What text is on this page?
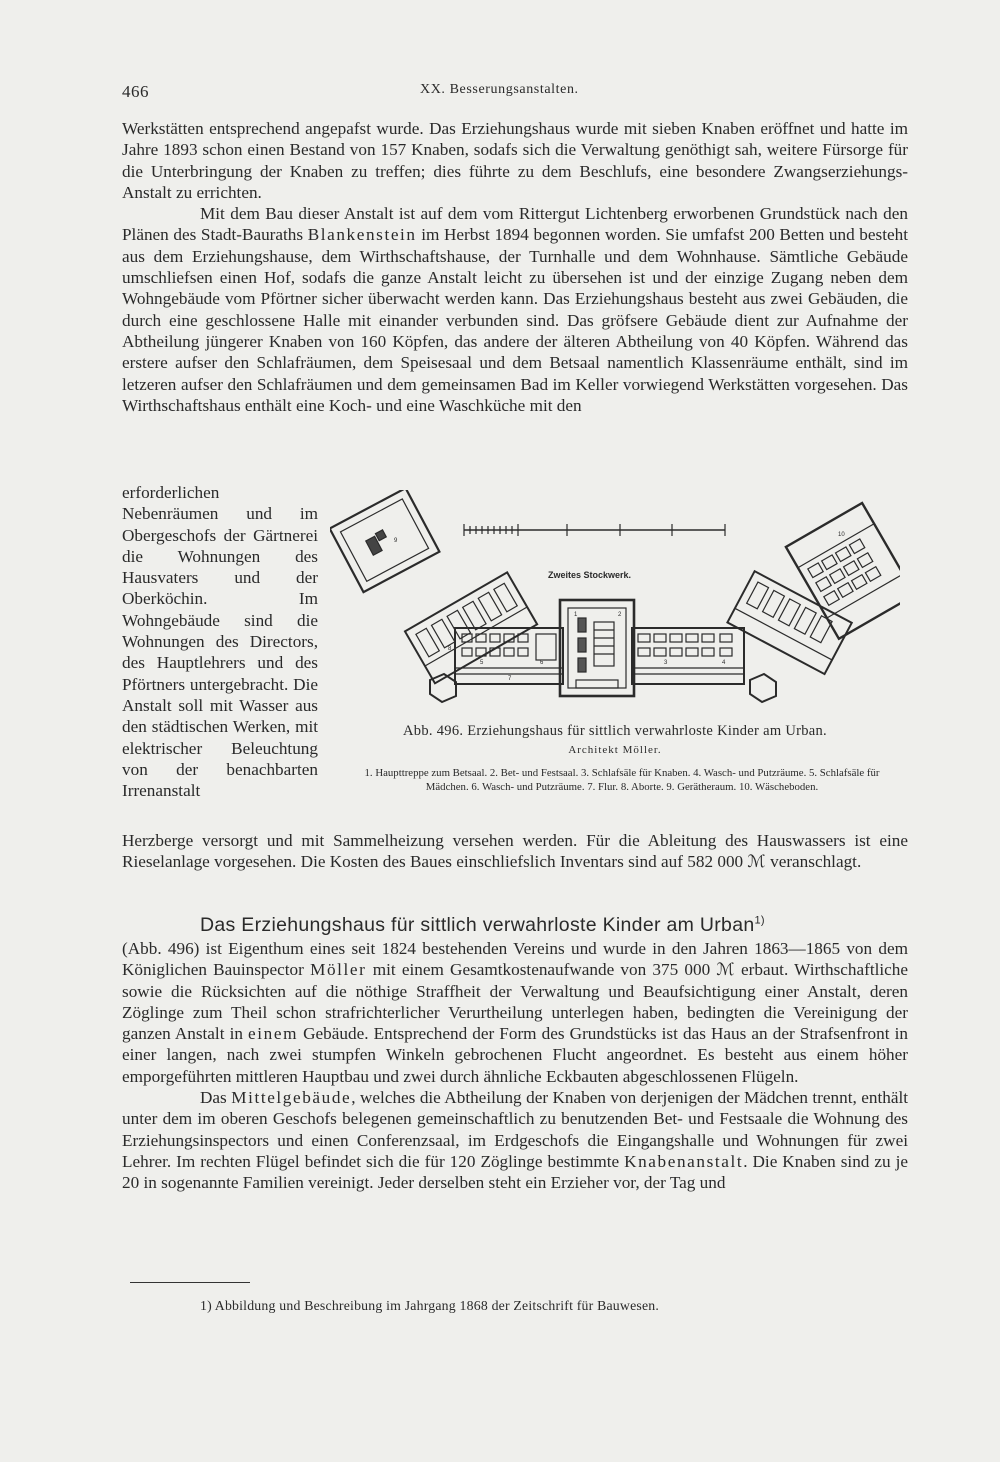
466	XX. Besserungsanstalten.

Werkstätten entsprechend angepafst wurde. Das Erziehungshaus wurde mit sieben Knaben eröffnet und hatte im Jahre 1893 schon einen Bestand von 157 Knaben, sodafs sich die Verwaltung genöthigt sah, weitere Fürsorge für die Unterbringung der Knaben zu treffen; dies führte zu dem Beschlufs, eine besondere Zwangserziehungs-Anstalt zu errichten.

Mit dem Bau dieser Anstalt ist auf dem vom Rittergut Lichtenberg erworbenen Grundstück nach den Plänen des Stadt-Bauraths Blankenstein im Herbst 1894 begonnen worden. Sie umfafst 200 Betten und besteht aus dem Erziehungshause, dem Wirthschaftshause, der Turnhalle und dem Wohnhause. Sämtliche Gebäude umschliefsen einen Hof, sodafs die ganze Anstalt leicht zu übersehen ist und der einzige Zugang neben dem Wohngebäude vom Pförtner sicher überwacht werden kann. Das Erziehungshaus besteht aus zwei Gebäuden, die durch eine geschlossene Halle mit einander verbunden sind. Das gröfsere Gebäude dient zur Aufnahme der Abtheilung jüngerer Knaben von 160 Köpfen, das andere der älteren Abtheilung von 40 Köpfen. Während das erstere aufser den Schlafräumen, dem Speisesaal und dem Betsaal namentlich Klassenräume enthält, sind im letzeren aufser den Schlafräumen und dem gemeinsamen Bad im Keller vorwiegend Werkstätten vorgesehen. Das Wirthschaftshaus enthält eine Koch- und eine Waschküche mit den

erforderlichen Nebenräumen und im Obergeschofs der Gärtnerei die Wohnungen des Hausvaters und der Oberköchin. Im Wohngebäude sind die Wohnungen des Directors, des Hauptlehrers und des Pförtners untergebracht. Die Anstalt soll mit Wasser aus den städtischen Werken, mit elektrischer Beleuchtung von der benachbarten Irrenanstalt

Zweites Stockwerk.
1	2
3	4
5	6
7
8
9
10
Abb. 496. Erziehungshaus für sittlich verwahrloste Kinder am Urban.
Architekt Möller.
1. Haupttreppe zum Betsaal. 2. Bet- und Festsaal. 3. Schlafsäle für Knaben. 4. Wasch- und Putzräume. 5. Schlafsäle für Mädchen. 6. Wasch- und Putzräume. 7. Flur. 8. Aborte. 9. Gerätheraum. 10. Wäscheboden.

Herzberge versorgt und mit Sammelheizung versehen werden. Für die Ableitung des Hauswassers ist eine Rieselanlage vorgesehen. Die Kosten des Baues einschliefslich Inventars sind auf 582 000 ℳ veranschlagt.

Das Erziehungshaus für sittlich verwahrloste Kinder am Urban$^{1)}$

(Abb. 496) ist Eigenthum eines seit 1824 bestehenden Vereins und wurde in den Jahren 1863—1865 von dem Königlichen Bauinspector Möller mit einem Gesamtkostenaufwande von 375 000 ℳ erbaut. Wirthschaftliche sowie die Rücksichten auf die nöthige Straffheit der Verwaltung und Beaufsichtigung einer Anstalt, deren Zöglinge zum Theil schon strafrichterlicher Verurtheilung unterlegen haben, bedingten die Vereinigung der ganzen Anstalt in einem Gebäude. Entsprechend der Form des Grundstücks ist das Haus an der Strafsenfront in einer langen, nach zwei stumpfen Winkeln gebrochenen Flucht angeordnet. Es besteht aus einem höher emporgeführten mittleren Hauptbau und zwei durch ähnliche Eckbauten abgeschlossenen Flügeln.

Das Mittelgebäude, welches die Abtheilung der Knaben von derjenigen der Mädchen trennt, enthält unter dem im oberen Geschofs belegenen gemeinschaftlich zu benutzenden Bet- und Festsaale die Wohnung des Erziehungsinspectors und einen Conferenzsaal, im Erdgeschofs die Eingangshalle und Wohnungen für zwei Lehrer. Im rechten Flügel befindet sich die für 120 Zöglinge bestimmte Knabenanstalt. Die Knaben sind zu je 20 in sogenannte Familien vereinigt. Jeder derselben steht ein Erzieher vor, der Tag und

1) Abbildung und Beschreibung im Jahrgang 1868 der Zeitschrift für Bauwesen.
